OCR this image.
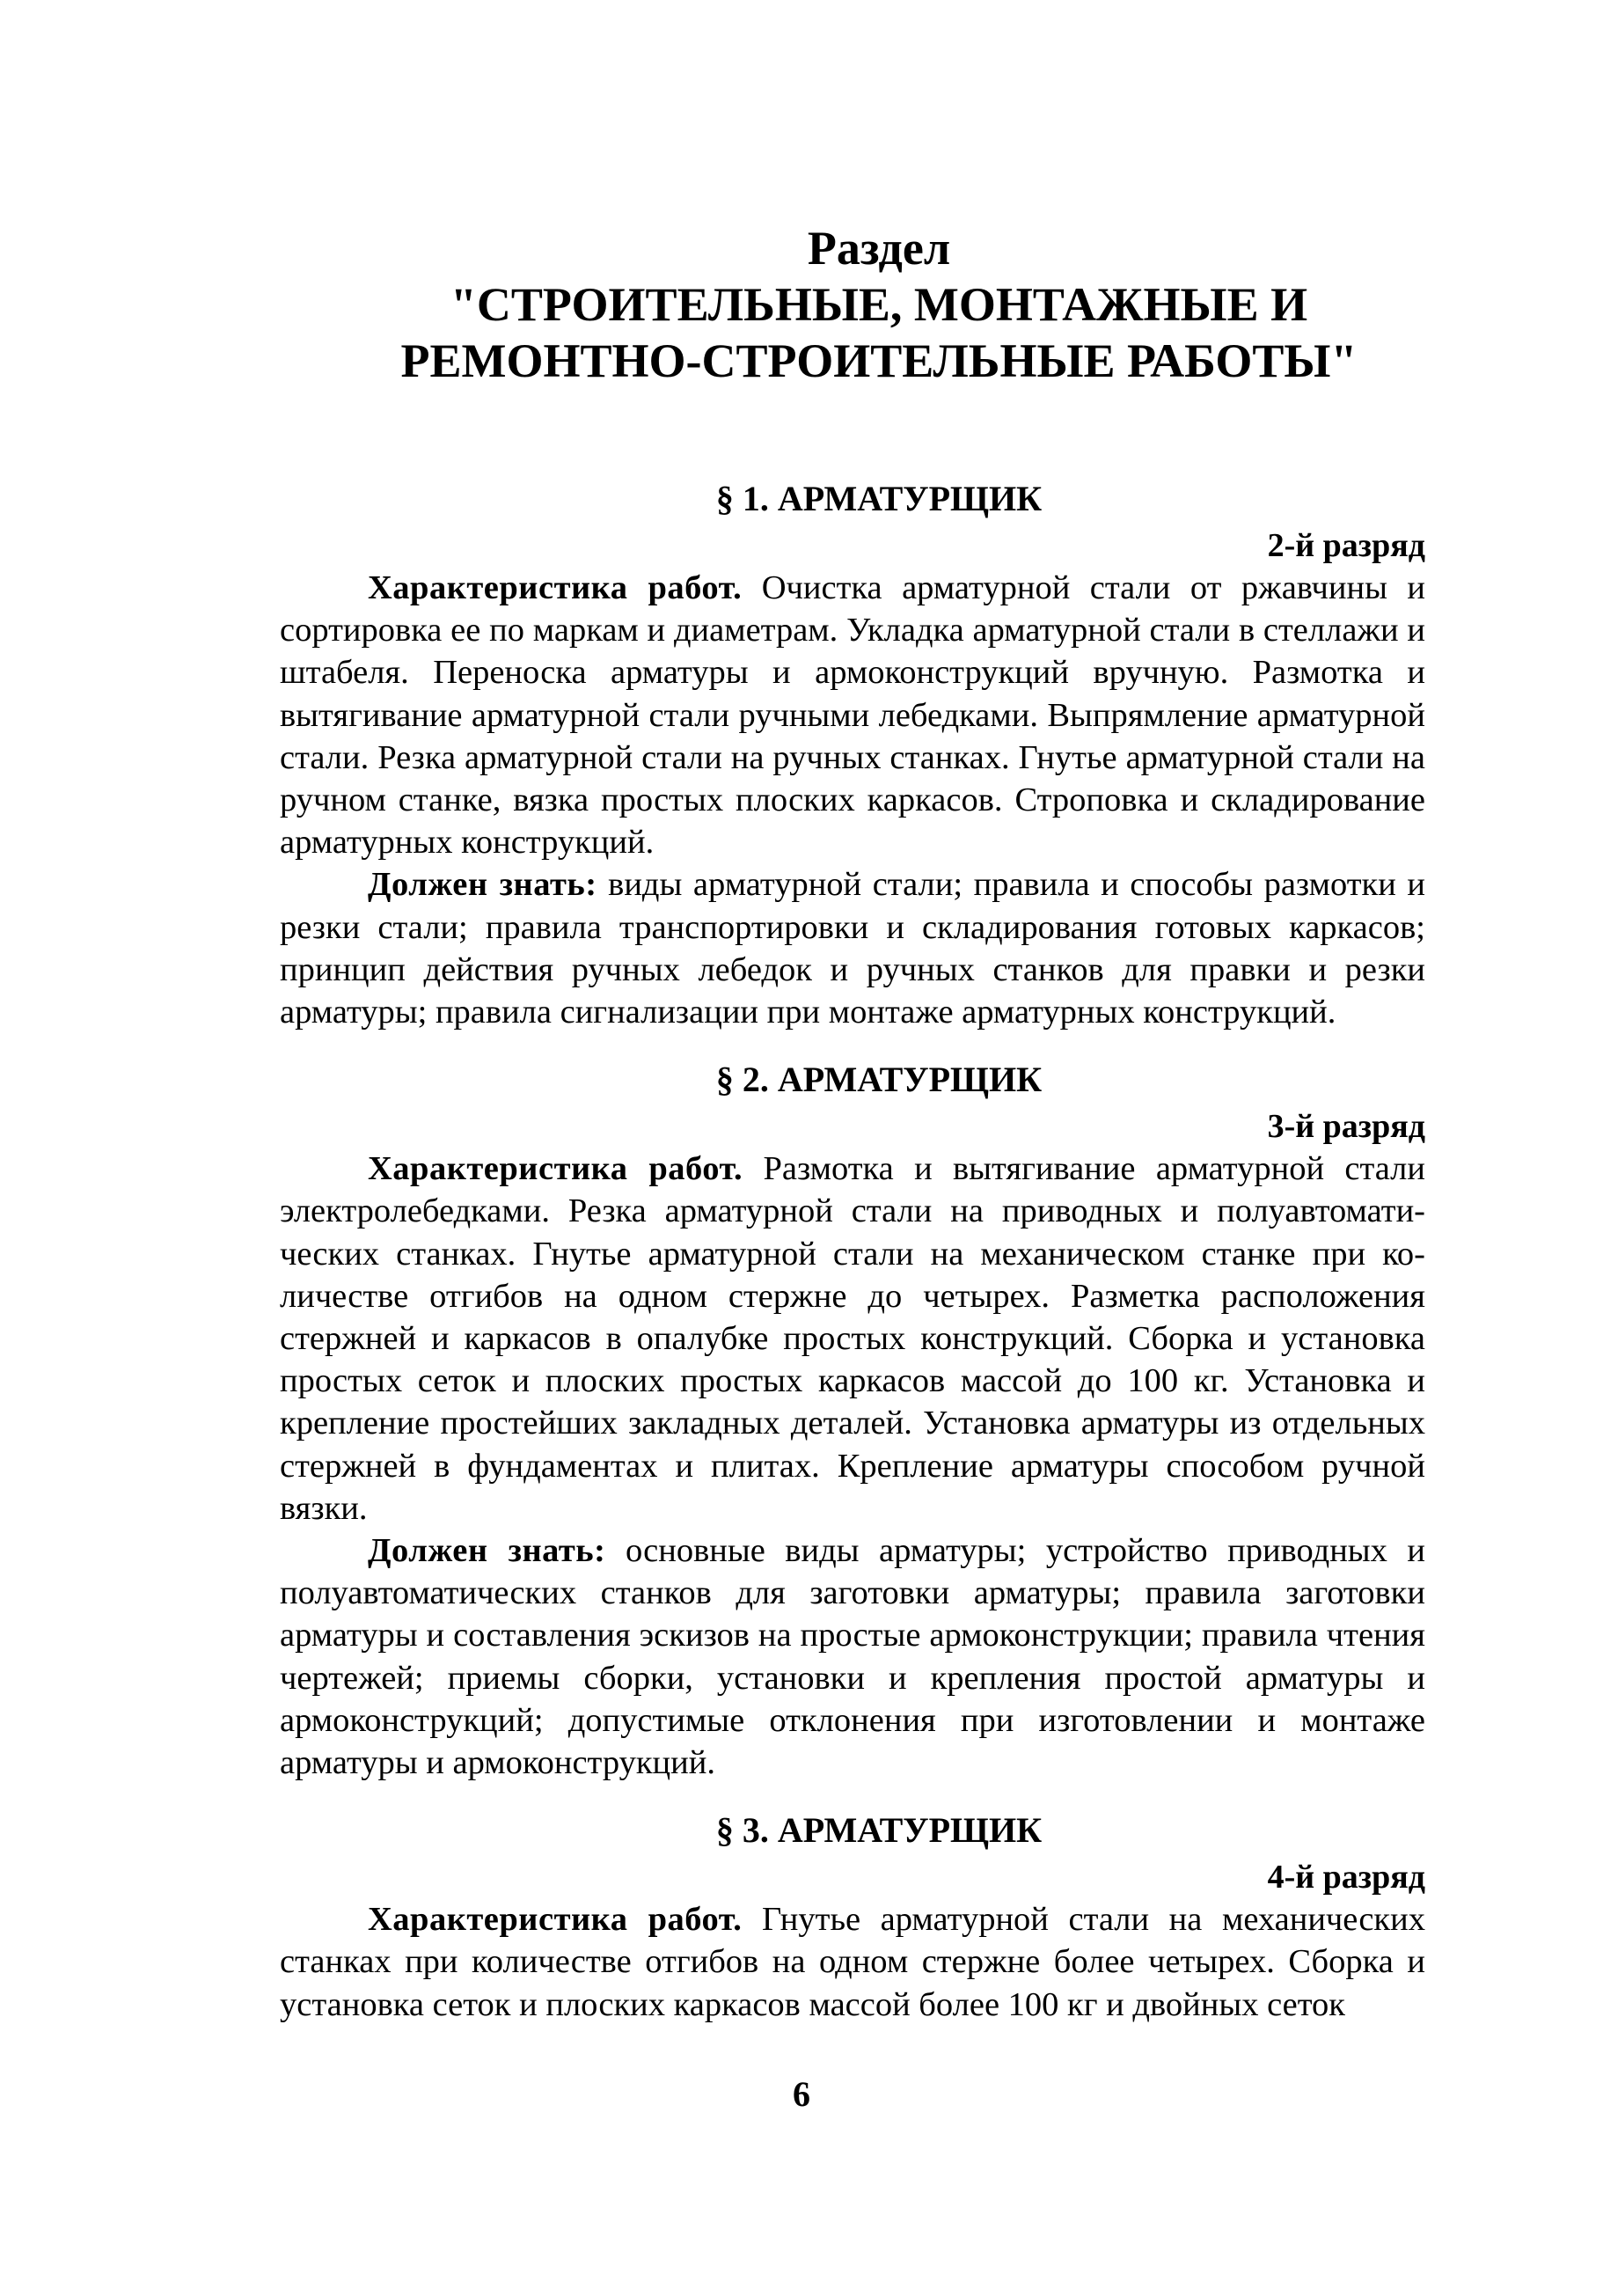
Раздел
"СТРОИТЕЛЬНЫЕ, МОНТАЖНЫЕ И
РЕМОНТНО-СТРОИТЕЛЬНЫЕ РАБОТЫ"
§ 1. АРМАТУРЩИК
2-й разряд

Характеристика работ. Очистка арматурной стали от ржавчины и сортировка ее по маркам и диаметрам. Укладка арматурной стали в стеллажи и штабеля. Переноска арматуры и армоконструкций вручную. Размотка и вытягивание арматурной стали ручными лебедками. Выпрямление арматурной стали. Резка арматурной стали на ручных станках. Гнутье арматурной стали на ручном станке, вязка простых плоских каркасов. Строповка и складирование арматурных конструкций.

Должен знать: виды арматурной стали; правила и способы размотки и резки стали; правила транспортировки и складирования готовых каркасов; принцип действия ручных лебедок и ручных станков для правки и резки арматуры; правила сигнализации при монтаже арматурных конструкций.

§ 2. АРМАТУРЩИК
3-й разряд

Характеристика работ. Размотка и вытягивание арматурной стали электролебедками. Резка арматурной стали на приводных и полуавтоматических станках. Гнутье арматурной стали на механическом станке при количестве отгибов на одном стержне до четырех. Разметка расположения стержней и каркасов в опалубке простых конструкций. Сборка и установка простых сеток и плоских простых каркасов массой до 100 кг. Установка и крепление простейших закладных деталей. Установка арматуры из отдельных стержней в фундаментах и плитах. Крепление арматуры способом ручной вязки.

Должен знать: основные виды арматуры; устройство приводных и полуавтоматических станков для заготовки арматуры; правила заготовки арматуры и составления эскизов на простые армоконструкции; правила чтения чертежей; приемы сборки, установки и крепления простой арматуры и армоконструкций; допустимые отклонения при изготовлении и монтаже арматуры и армоконструкций.

§ 3. АРМАТУРЩИК
4-й разряд

Характеристика работ. Гнутье арматурной стали на механических станках при количестве отгибов на одном стержне более четырех. Сборка и установка сеток и плоских каркасов массой более 100 кг и двойных сеток

6
